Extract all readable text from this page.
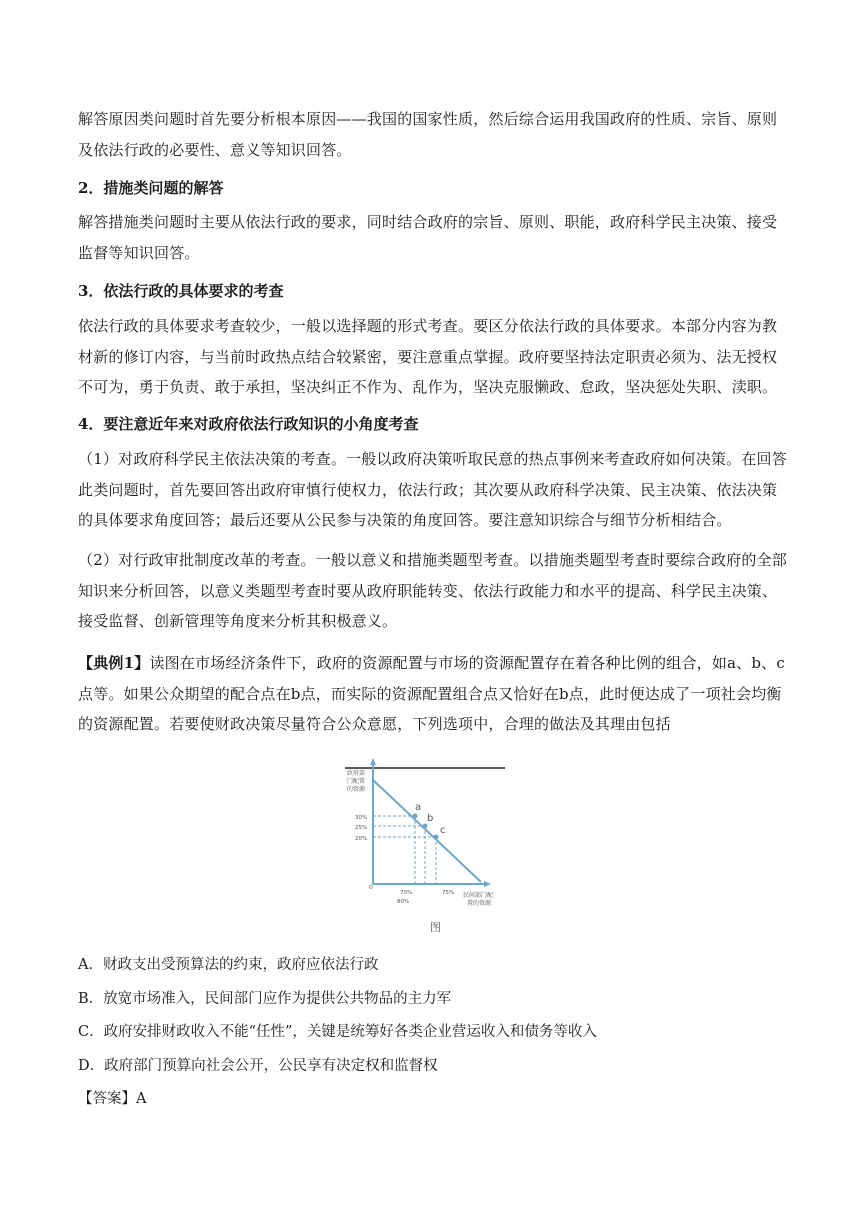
解答原因类问题时首先要分析根本原因——我国的国家性质，然后综合运用我国政府的性质、宗旨、原则及依法行政的必要性、意义等知识回答。
2．措施类问题的解答
解答措施类问题时主要从依法行政的要求，同时结合政府的宗旨、原则、职能，政府科学民主决策、接受监督等知识回答。
3．依法行政的具体要求的考查
依法行政的具体要求考查较少，一般以选择题的形式考查。要区分依法行政的具体要求。本部分内容为教材新的修订内容，与当前时政热点结合较紧密，要注意重点掌握。政府要坚持法定职责必须为、法无授权不可为，勇于负责、敢于承担，坚决纠正不作为、乱作为，坚决克服懒政、怠政，坚决惩处失职、渎职。
4．要注意近年来对政府依法行政知识的小角度考查
（1）对政府科学民主依法决策的考查。一般以政府决策听取民意的热点事例来考查政府如何决策。在回答此类问题时，首先要回答出政府审慎行使权力，依法行政；其次要从政府科学决策、民主决策、依法决策的具体要求角度回答；最后还要从公民参与决策的角度回答。要注意知识综合与细节分析相结合。
（2）对行政审批制度改革的考查。一般以意义和措施类题型考查。以措施类题型考查时要综合政府的全部知识来分析回答，以意义类题型考查时要从政府职能转变、依法行政能力和水平的提高、科学民主决策、接受监督、创新管理等角度来分析其积极意义。
【典例1】读图在市场经济条件下，政府的资源配置与市场的资源配置存在着各种比例的组合，如a、b、c点等。如果公众期望的配合点在b点，而实际的资源配置组合点又恰好在b点，此时便达成了一项社会均衡的资源配置。若要使财政决策尽量符合公众意愿，下列选项中，合理的做法及其理由包括
a
b
c
政府部
门配置
的资源
30%
25%
20%
0
70%
80%
75% 民间部门配
置的资源
图
A．财政支出受预算法的约束，政府应依法行政
B．放宽市场准入，民间部门应作为提供公共物品的主力军
C．政府安排财政收入不能“任性”，关键是统筹好各类企业营运收入和债务等收入
D．政府部门预算向社会公开，公民享有决定权和监督权
【答案】A
